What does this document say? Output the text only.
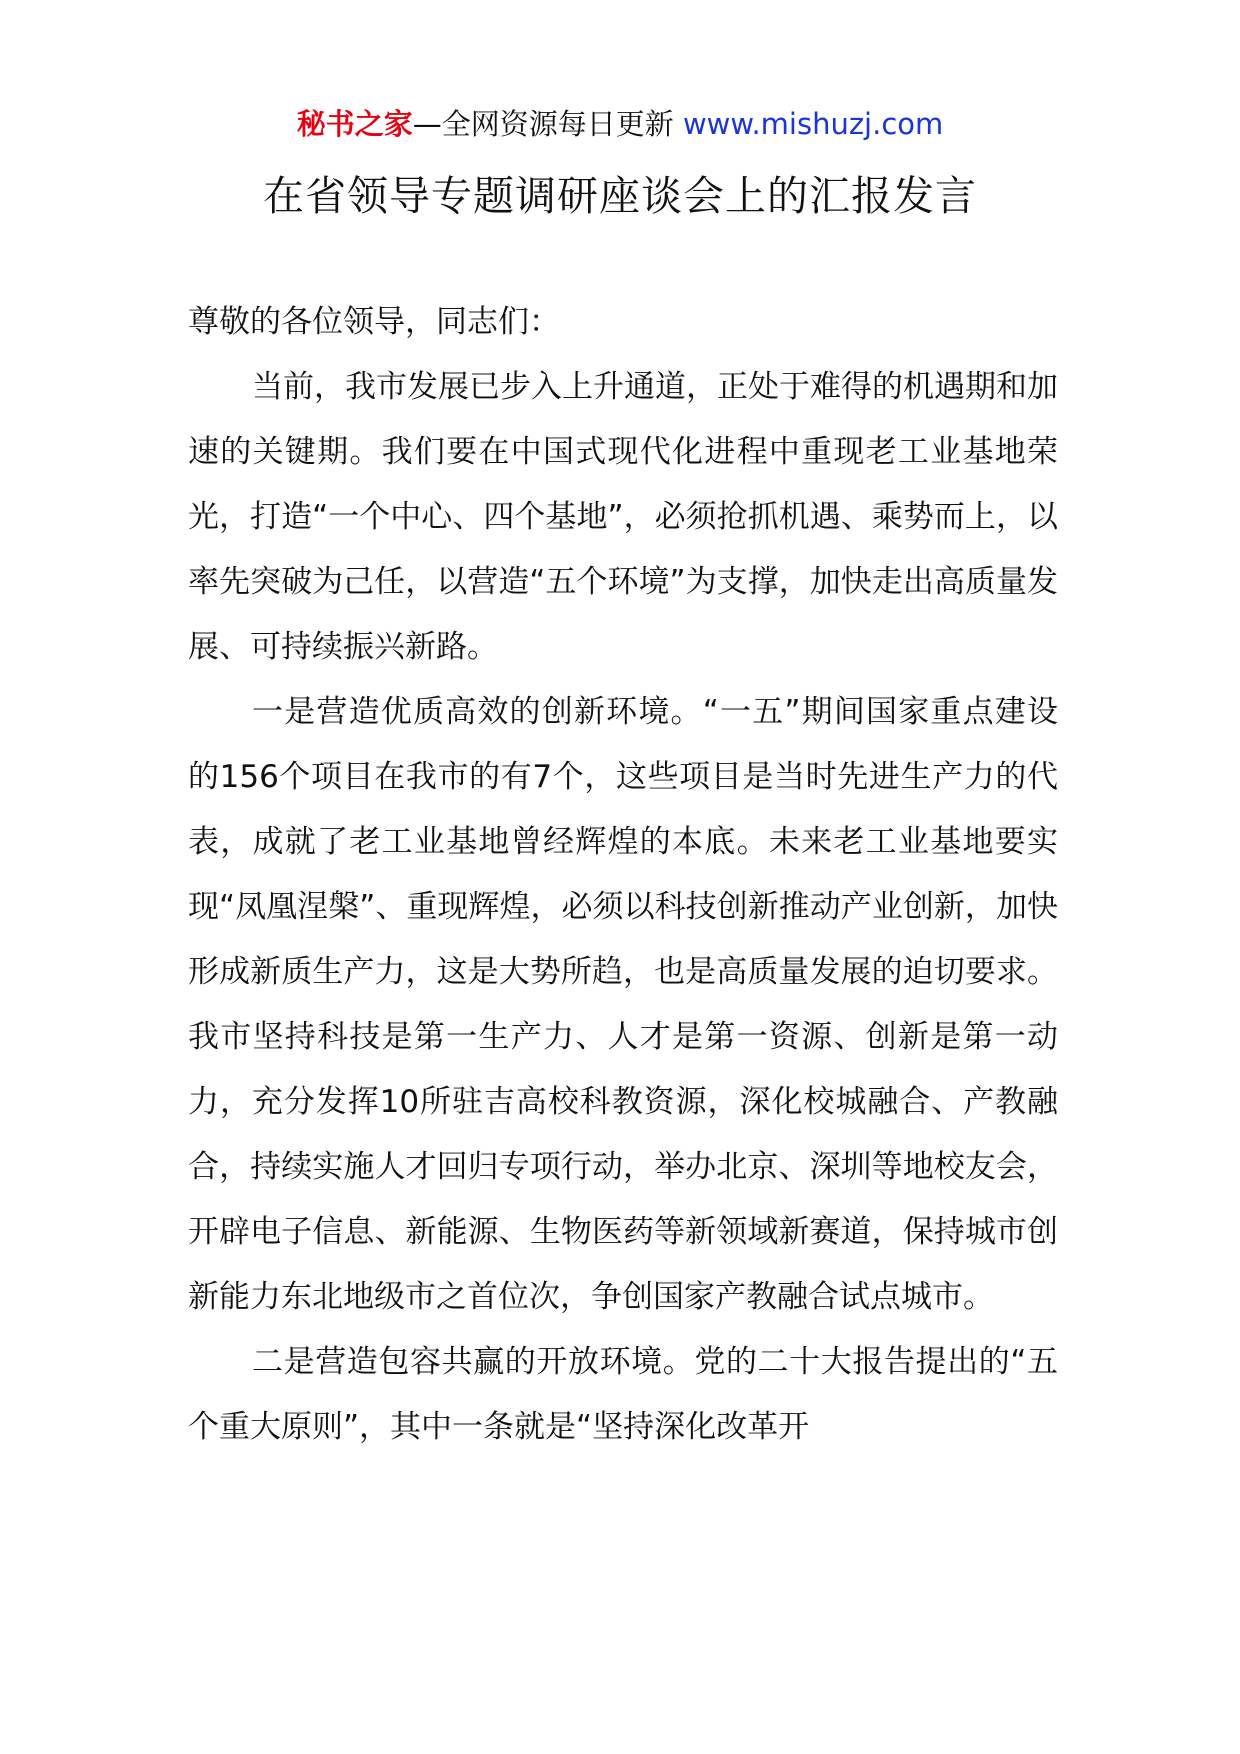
秘书之家—全网资源每日更新 www.mishuzj.com
在省领导专题调研座谈会上的汇报发言

尊敬的各位领导，同志们：

当前，我市发展已步入上升通道，正处于难得的机遇期和加速的关键期。我们要在中国式现代化进程中重现老工业基地荣光，打造“一个中心、四个基地”，必须抢抓机遇、乘势而上，以率先突破为己任，以营造“五个环境”为支撑，加快走出高质量发展、可持续振兴新路。

一是营造优质高效的创新环境。“一五”期间国家重点建设的156个项目在我市的有7个，这些项目是当时先进生产力的代表，成就了老工业基地曾经辉煌的本底。未来老工业基地要实现“凤凰涅槃”、重现辉煌，必须以科技创新推动产业创新，加快形成新质生产力，这是大势所趋，也是高质量发展的迫切要求。我市坚持科技是第一生产力、人才是第一资源、创新是第一动力，充分发挥10所驻吉高校科教资源，深化校城融合、产教融合，持续实施人才回归专项行动，举办北京、深圳等地校友会，开辟电子信息、新能源、生物医药等新领域新赛道，保持城市创新能力东北地级市之首位次，争创国家产教融合试点城市。

二是营造包容共赢的开放环境。党的二十大报告提出的“五个重大原则”，其中一条就是“坚持深化改革开
